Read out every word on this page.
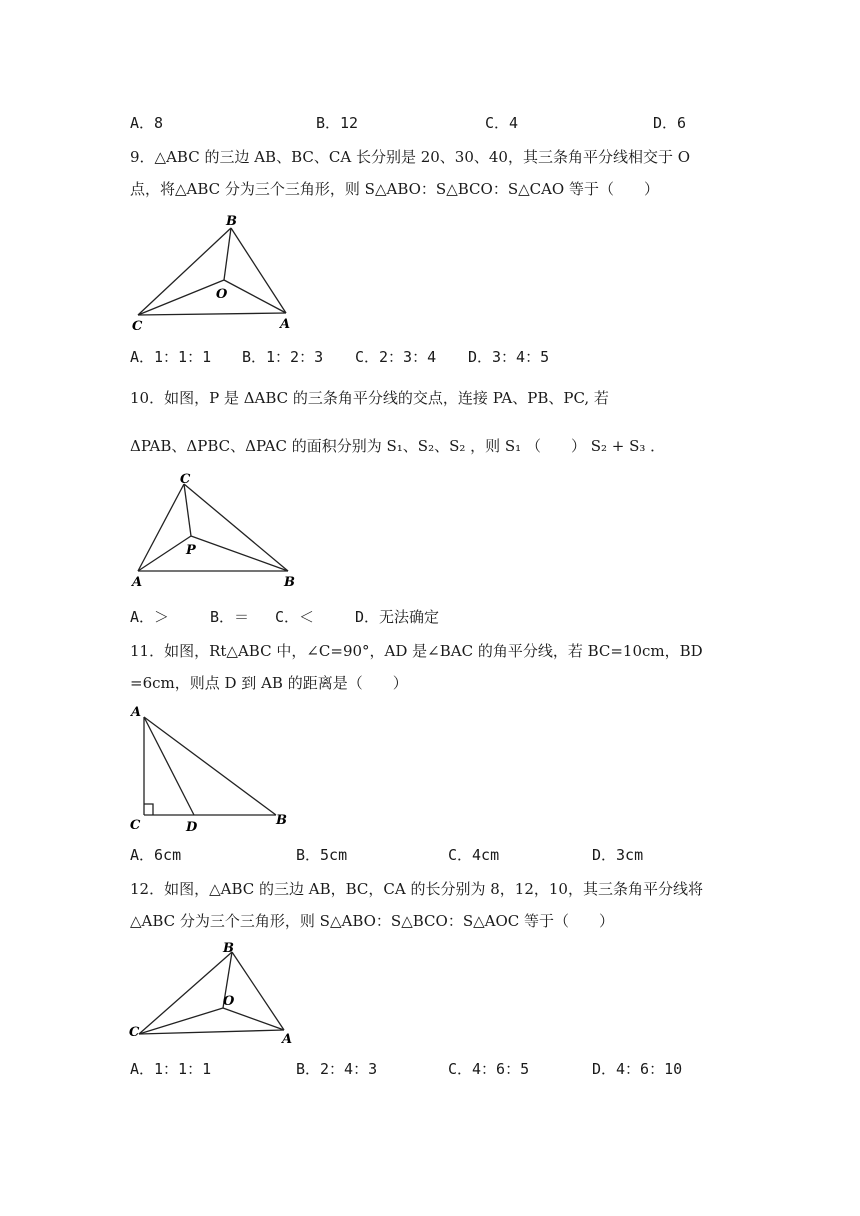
A．8	B．12	C．4	D．6
9．△ABC 的三边 AB、BC、CA 长分别是 20、30、40，其三条角平分线相交于 O
点，将△ABC 分为三个三角形，则 S△ABO：S△BCO：S△CAO 等于（　　）
B
O
C	A
A．1：1：1 B．1：2：3 C．2：3：4 D．3：4：5
10．如图，P 是 ΔABC 的三条角平分线的交点，连接 PA、PB、PC, 若
ΔPAB、ΔPBC、ΔPAC 的面积分别为 S₁、S₂、S₂ ，则 S₁ （　　） S₂ + S₃ ．
C
P
A	B
A．＞	B．＝ C．＜	D．无法确定
11．如图，Rt△ABC 中，∠C=90°，AD 是∠BAC 的角平分线，若 BC=10cm，BD
=6cm，则点 D 到 AB 的距离是（　　）
A
C	D	B
A．6cm	B．5cm	C．4cm	D．3cm
12．如图，△ABC 的三边 AB，BC，CA 的长分别为 8，12，10，其三条角平分线将
△ABC 分为三个三角形，则 S△ABO：S△BCO：S△AOC 等于（　　）
B
O
C	A
A．1：1：1	B．2：4：3	C．4：6：5	D．4：6：10
